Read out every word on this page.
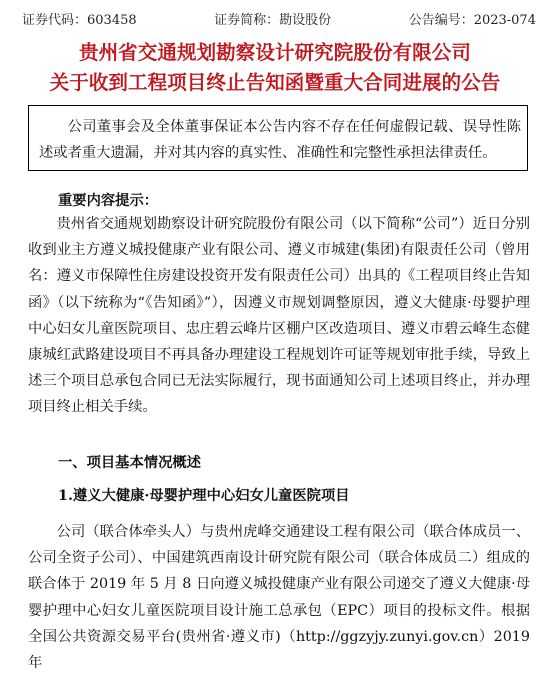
证券代码：603458	证券简称：勘设股份	公告编号：2023-074
贵州省交通规划勘察设计研究院股份有限公司
关于收到工程项目终止告知函暨重大合同进展的公告
公司董事会及全体董事保证本公告内容不存在任何虚假记载、误导性陈述或者重大遗漏，并对其内容的真实性、准确性和完整性承担法律责任。
重要内容提示：
贵州省交通规划勘察设计研究院股份有限公司（以下简称“公司”）近日分别收到业主方遵义城投健康产业有限公司、遵义市城建(集团)有限责任公司（曾用名：遵义市保障性住房建设投资开发有限责任公司）出具的《工程项目终止告知函》（以下统称为“《告知函》”），因遵义市规划调整原因，遵义大健康·母婴护理中心妇女儿童医院项目、忠庄碧云峰片区棚户区改造项目、遵义市碧云峰生态健康城红武路建设项目不再具备办理建设工程规划许可证等规划审批手续，导致上述三个项目总承包合同已无法实际履行，现书面通知公司上述项目终止，并办理项目终止相关手续。
一、项目基本情况概述
1.遵义大健康·母婴护理中心妇女儿童医院项目
公司（联合体牵头人）与贵州虎峰交通建设工程有限公司（联合体成员一、公司全资子公司）、中国建筑西南设计研究院有限公司（联合体成员二）组成的联合体于 2019 年 5 月 8 日向遵义城投健康产业有限公司递交了遵义大健康·母婴护理中心妇女儿童医院项目设计施工总承包（EPC）项目的投标文件。根据全国公共资源交易平台(贵州省·遵义市)（http://ggzyjy.zunyi.gov.cn）2019 年
